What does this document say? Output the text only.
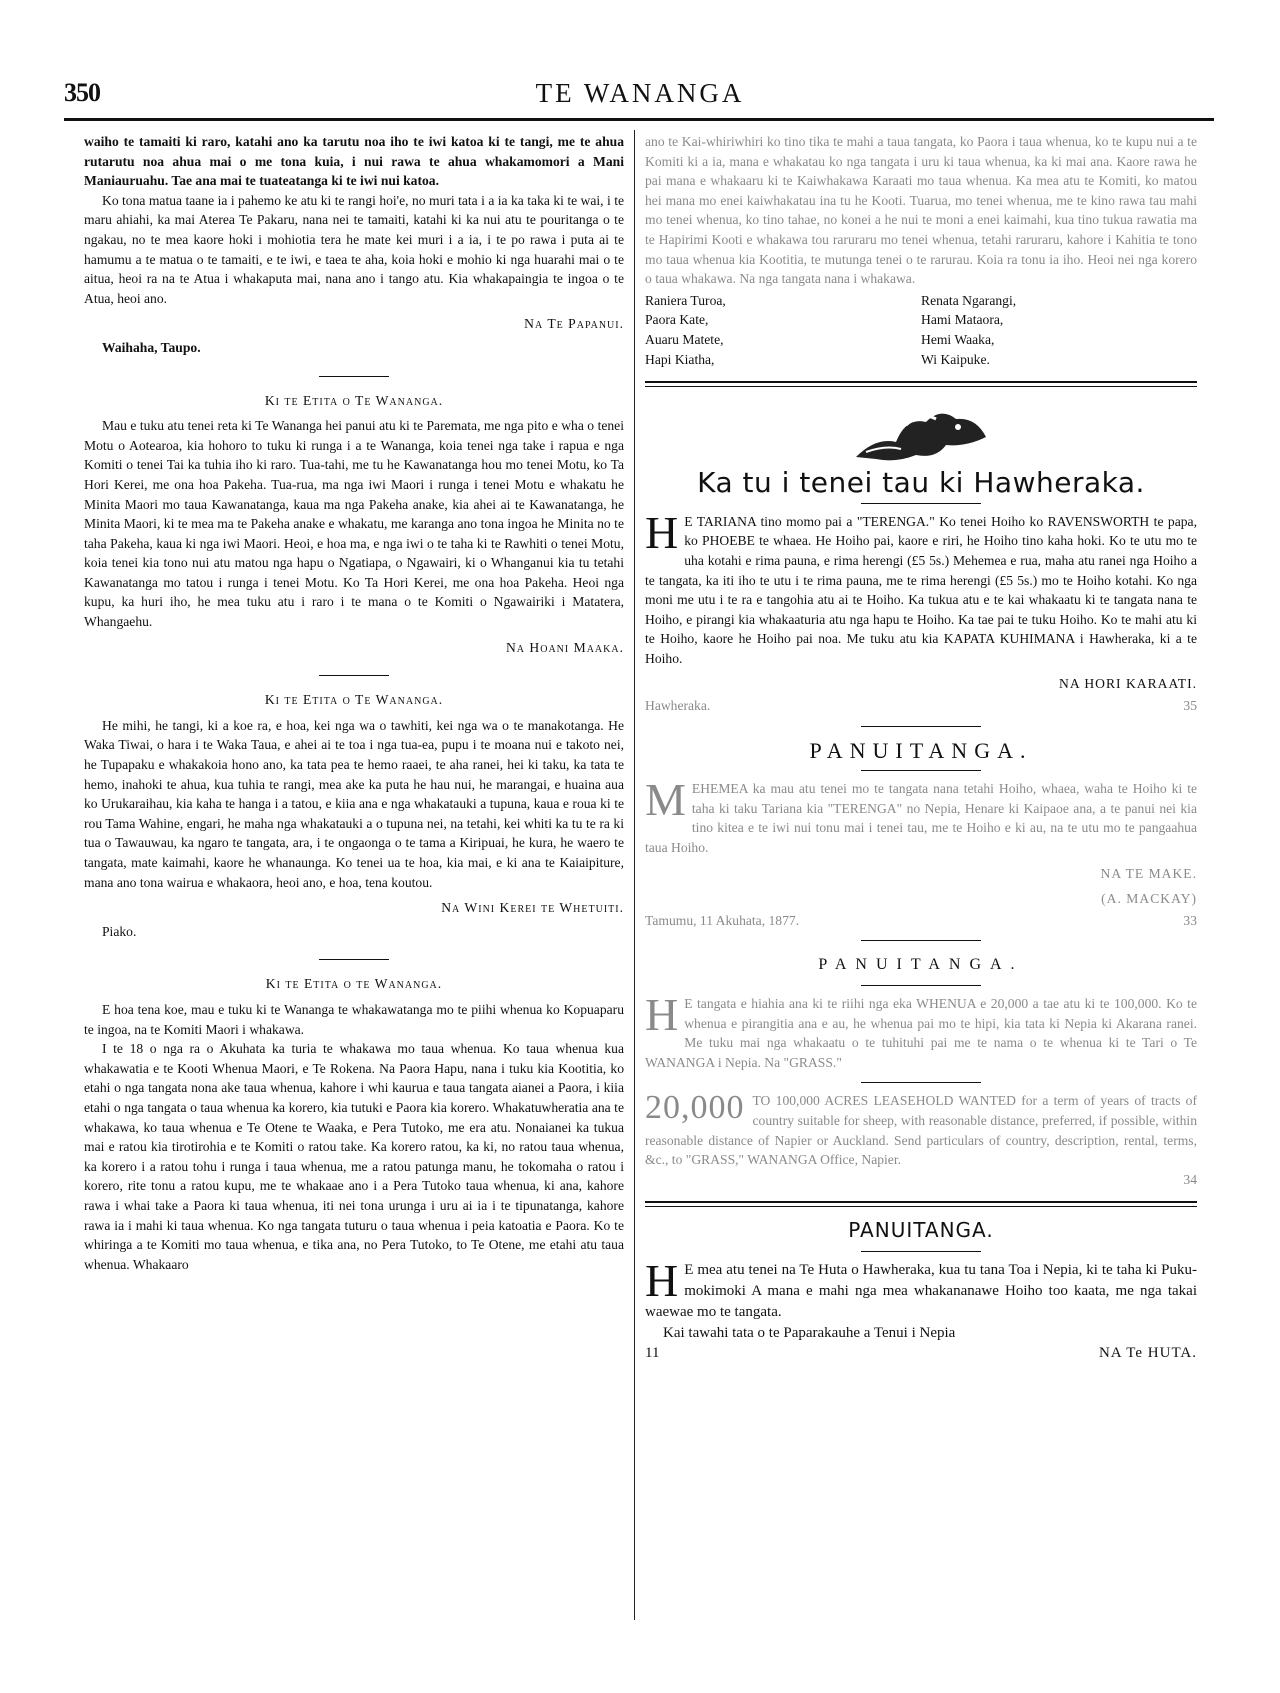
350	TE WANANGA

waiho te tamaiti ki raro, katahi ano ka tarutu noa iho te iwi katoa ki te tangi, me te ahua rutarutu noa ahua mai o me tona kuia, i nui rawa te ahua whakamomori a Mani Maniauruahu. Tae ana mai te tuateatanga ki te iwi nui katoa.

Ko tona matua taane ia i pahemo ke atu ki te rangi hoi'e, no muri tata i a ia ka taka ki te wai, i te maru ahiahi, ka mai Aterea Te Pakaru, nana nei te tamaiti, katahi ki ka nui atu te pouritanga o te ngakau, no te mea kaore hoki i mohiotia tera he mate kei muri i a ia, i te po rawa i puta ai te hamumu a te matua o te tamaiti, e te iwi, e taea te aha, koia hoki e mohio ki nga huarahi mai o te aitua, heoi ra na te Atua i whakaputa mai, nana ano i tango atu. Kia whakapaingia te ingoa o te Atua, heoi ano.

Na Te Papanui.

Waihaha, Taupo.

Ki te Etita o Te Wananga.

Mau e tuku atu tenei reta ki Te Wananga hei panui atu ki te Paremata, me nga pito e wha o tenei Motu o Aotearoa, kia hohoro to tuku ki runga i a te Wananga, koia tenei nga take i rapua e nga Komiti o tenei Tai ka tuhia iho ki raro. Tua-tahi, me tu he Kawanatanga hou mo tenei Motu, ko Ta Hori Kerei, me ona hoa Pakeha. Tua-rua, ma nga iwi Maori i runga i tenei Motu e whakatu he Minita Maori mo taua Kawanatanga, kaua ma nga Pakeha anake, kia ahei ai te Kawanatanga, he Minita Maori, ki te mea ma te Pakeha anake e whakatu, me karanga ano tona ingoa he Minita no te taha Pakeha, kaua ki nga iwi Maori. Heoi, e hoa ma, e nga iwi o te taha ki te Rawhiti o tenei Motu, koia tenei kia tono nui atu matou nga hapu o Ngatiapa, o Ngawairi, ki o Whanganui kia tu tetahi Kawanatanga mo tatou i runga i tenei Motu. Ko Ta Hori Kerei, me ona hoa Pakeha. Heoi nga kupu, ka huri iho, he mea tuku atu i raro i te mana o te Komiti o Ngawairiki i Matatera, Whangaehu.

Na Hoani Maaka.

Ki te Etita o Te Wananga.

He mihi, he tangi, ki a koe ra, e hoa, kei nga wa o tawhiti, kei nga wa o te manakotanga. He Waka Tiwai, o hara i te Waka Taua, e ahei ai te toa i nga tua-ea, pupu i te moana nui e takoto nei, he Tupapaku e whakakoia hono ano, ka tata pea te hemo raaei, te aha ranei, hei ki taku, ka tata te hemo, inahoki te ahua, kua tuhia te rangi, mea ake ka puta he hau nui, he marangai, e huaina aua ko Urukaraihau, kia kaha te hanga i a tatou, e kiia ana e nga whakatauki a tupuna, kaua e roua ki te rou Tama Wahine, engari, he maha nga whakatauki a o tupuna nei, na tetahi, kei whiti ka tu te ra ki tua o Tawauwau, ka ngaro te tangata, ara, i te ongaonga o te tama a Kiripuai, he kura, he waero te tangata, mate kaimahi, kaore he whanaunga. Ko tenei ua te hoa, kia mai, e ki ana te Kaiaipiture, mana ano tona wairua e whakaora, heoi ano, e hoa, tena koutou.

Na Wini Kerei te Whetuiti.

Piako.

Ki te Etita o te Wananga.

E hoa tena koe, mau e tuku ki te Wananga te whakawatanga mo te piihi whenua ko Kopuaparu te ingoa, na te Komiti Maori i whakawa.

I te 18 o nga ra o Akuhata ka turia te whakawa mo taua whenua. Ko taua whenua kua whakawatia e te Kooti Whenua Maori, e Te Rokena. Na Paora Hapu, nana i tuku kia Kootitia, ko etahi o nga tangata nona ake taua whenua, kahore i whi kaurua e taua tangata aianei a Paora, i kiia etahi o nga tangata o taua whenua ka korero, kia tutuki e Paora kia korero. Whakatuwheratia ana te whakawa, ko taua whenua e Te Otene te Waaka, e Pera Tutoko, me era atu. Nonaianei ka tukua mai e ratou kia tirotirohia e te Komiti o ratou take. Ka korero ratou, ka ki, no ratou taua whenua, ka korero i a ratou tohu i runga i taua whenua, me a ratou patunga manu, he tokomaha o ratou i korero, rite tonu a ratou kupu, me te whakaae ano i a Pera Tutoko taua whenua, ki ana, kahore rawa i whai take a Paora ki taua whenua, iti nei tona urunga i uru ai ia i te tipunatanga, kahore rawa ia i mahi ki taua whenua. Ko nga tangata tuturu o taua whenua i peia katoatia e Paora. Ko te whiringa a te Komiti mo taua whenua, e tika ana, no Pera Tutoko, to Te Otene, me etahi atu taua whenua. Whakaaro

ano te Kai-whiriwhiri ko tino tika te mahi a taua tangata, ko Paora i taua whenua, ko te kupu nui a te Komiti ki a ia, mana e whakatau ko nga tangata i uru ki taua whenua, ka ki mai ana. Kaore rawa he pai mana e whakaaru ki te Kaiwhakawa Karaati mo taua whenua. Ka mea atu te Komiti, ko matou hei mana mo enei kaiwhakatau ina tu he Kooti. Tuarua, mo tenei whenua, me te kino rawa tau mahi mo tenei whenua, ko tino tahae, no konei a he nui te moni a enei kaimahi, kua tino tukua rawatia ma te Hapirimi Kooti e whakawa tou raruraru mo tenei whenua, tetahi raruraru, kahore i Kahitia te tono mo taua whenua kia Kootitia, te mutunga tenei o te rarurau. Koia ra tonu ia iho. Heoi nei nga korero o taua whakawa. Na nga tangata nana i whakawa.

Raniera Turoa,	Renata Ngarangi,
Paora Kate,	Hami Mataora,
Auaru Matete,	Hemi Waaka,
Hapi Kiatha,	Wi Kaipuke.

Ka tu i tenei tau ki Hawheraka.

H E TARIANA tino momo pai a "TERENGA." Ko tenei Hoiho ko RAVENSWORTH te papa, ko PHOEBE te whaea. He Hoiho pai, kaore e riri, he Hoiho tino kaha hoki. Ko te utu mo te uha kotahi e rima pauna, e rima herengi (£5 5s.) Mehemea e rua, maha atu ranei nga Hoiho a te tangata, ka iti iho te utu i te rima pauna, me te rima herengi (£5 5s.) mo te Hoiho kotahi. Ko nga moni me utu i te ra e tangohia atu ai te Hoiho. Ka tukua atu e te kai whakaatu ki te tangata nana te Hoiho, e pirangi kia whakaaturia atu nga hapu te Hoiho. Ka tae pai te tuku Hoiho. Ko te mahi atu ki te Hoiho, kaore he Hoiho pai noa. Me tuku atu kia KAPATA KUHIMANA i Hawheraka, ki a te Hoiho.

NA HORI KARAATI.

Hawheraka.	35

PANUITANGA.

MEHEMEA ka mau atu tenei mo te tangata nana tetahi Hoiho, whaea, waha te Hoiho ki te taha ki taku Tariana kia "TERENGA" no Nepia, Henare ki Kaipaoe ana, a te panui nei kia tino kitea e te iwi nui tonu mai i tenei tau, me te Hoiho e ki au, na te utu mo te pangaahua taua Hoiho.

NA TE MAKE.

(A. MACKAY)

Tamumu, 11 Akuhata, 1877.	33

PANUITANGA.

H E tangata e hiahia ana ki te riihi nga eka WHENUA e 20,000 a tae atu ki te 100,000. Ko te whenua e pirangitia ana e au, he whenua pai mo te hipi, kia tata ki Nepia ki Akarana ranei. Me tuku mai nga whakaatu o te tuhituhi pai me te nama o te whenua ki te Tari o Te WANANGA i Nepia. Na "GRASS."

20,000 TO 100,000 ACRES LEASEHOLD WANTED for a term of years of tracts of country suitable for sheep, with reasonable distance, preferred, if possible, within reasonable distance of Napier or Auckland. Send particulars of country, description, rental, terms, &c., to "GRASS," WANANGA Office, Napier.

34

PANUITANGA.

H E mea atu tenei na Te Huta o Hawheraka, kua tu tana Toa i Nepia, ki te taha ki Puku-mokimoki A mana e mahi nga mea whakananawe Hoiho too kaata, me nga takai waewae mo te tangata.

Kai tawahi tata o te Paparakauhe a Tenui i Nepia

11	NA Te HUTA.
